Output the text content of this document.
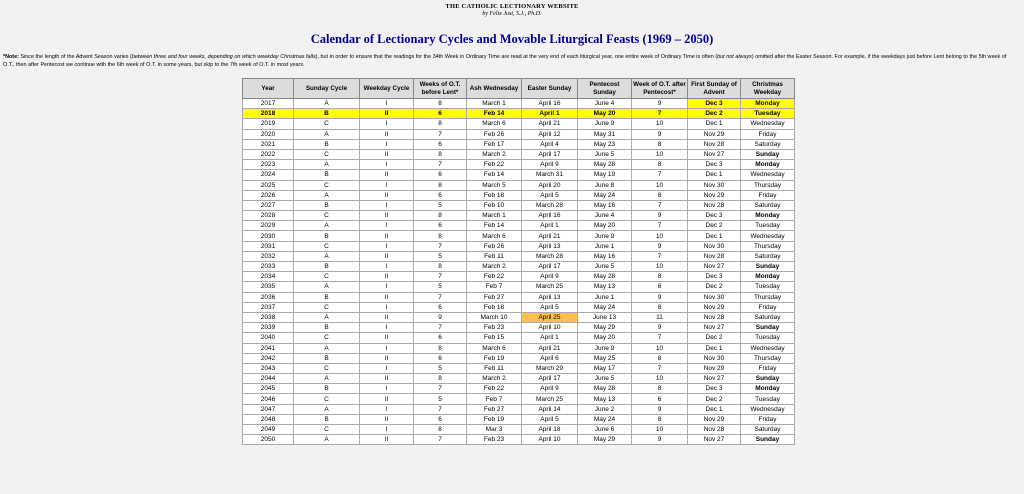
THE CATHOLIC LECTIONARY WEBSITE
by Felix Just, S.J., Ph.D.
Calendar of Lectionary Cycles and Movable Liturgical Feasts (1969 – 2050)
*Note: Since the length of the Advent Season varies (between three and four weeks, depending on which weekday Christmas falls), but in order to ensure that the readings for the 34th Week in Ordinary Time are read at the very end of each liturgical year, one entire week of Ordinary Time is often (but not always) omitted after the Easter Season. For example, if the weekdays just before Lent belong to the 5th week of O.T., then after Pentecost we continue with the 6th week of O.T. in some years, but skip to the 7th week of O.T. in most years.
Year	Sunday Cycle	Weekday Cycle	Weeks of O.T. before Lent*	Ash Wednesday	Easter Sunday	Pentecost Sunday	Week of O.T. after Pentecost*	First Sunday of Advent	Christmas Weekday
2017	A	I	8	March 1	April 16	June 4	9	Dec 3	Monday
2018	B	II	6	Feb 14	April 1	May 20	7	Dec 2	Tuesday
2019	C	I	8	March 6	April 21	June 9	10	Dec 1	Wednesday
2020	A	II	7	Feb 26	April 12	May 31	9	Nov 29	Friday
2021	B	I	6	Feb 17	April 4	May 23	8	Nov 28	Saturday
2022	C	II	8	March 2	April 17	June 5	10	Nov 27	Sunday
2023	A	I	7	Feb 22	April 9	May 28	8	Dec 3	Monday
2024	B	II	6	Feb 14	March 31	May 19	7	Dec 1	Wednesday
2025	C	I	8	March 5	April 20	June 8	10	Nov 30	Thursday
2026	A	II	6	Feb 18	April 5	May 24	8	Nov 29	Friday
2027	B	I	5	Feb 10	March 28	May 16	7	Nov 28	Saturday
2028	C	II	8	March 1	April 16	June 4	9	Dec 3	Monday
2029	A	I	6	Feb 14	April 1	May 20	7	Dec 2	Tuesday
2030	B	II	8	March 6	April 21	June 9	10	Dec 1	Wednesday
2031	C	I	7	Feb 26	April 13	June 1	9	Nov 30	Thursday
2032	A	II	5	Feb 11	March 28	May 16	7	Nov 28	Saturday
2033	B	I	8	March 2	April 17	June 5	10	Nov 27	Sunday
2034	C	II	7	Feb 22	April 9	May 28	8	Dec 3	Monday
2035	A	I	5	Feb 7	March 25	May 13	6	Dec 2	Tuesday
2036	B	II	7	Feb 27	April 13	June 1	9	Nov 30	Thursday
2037	C	I	6	Feb 18	April 5	May 24	8	Nov 29	Friday
2038	A	II	9	March 10	April 25	June 13	11	Nov 28	Saturday
2039	B	I	7	Feb 23	April 10	May 29	9	Nov 27	Sunday
2040	C	II	6	Feb 15	April 1	May 20	7	Dec 2	Tuesday
2041	A	I	8	March 6	April 21	June 9	10	Dec 1	Wednesday
2042	B	II	6	Feb 19	April 6	May 25	8	Nov 30	Thursday
2043	C	I	5	Feb 11	March 29	May 17	7	Nov 29	Friday
2044	A	II	8	March 2	April 17	June 5	10	Nov 27	Sunday
2045	B	I	7	Feb 22	April 9	May 28	8	Dec 3	Monday
2046	C	II	5	Feb 7	March 25	May 13	6	Dec 2	Tuesday
2047	A	I	7	Feb 27	April 14	June 2	9	Dec 1	Wednesday
2048	B	II	6	Feb 19	April 5	May 24	8	Nov 29	Friday
2049	C	I	8	Mar 3	April 18	June 6	10	Nov 28	Saturday
2050	A	II	7	Feb 23	April 10	May 29	9	Nov 27	Sunday
